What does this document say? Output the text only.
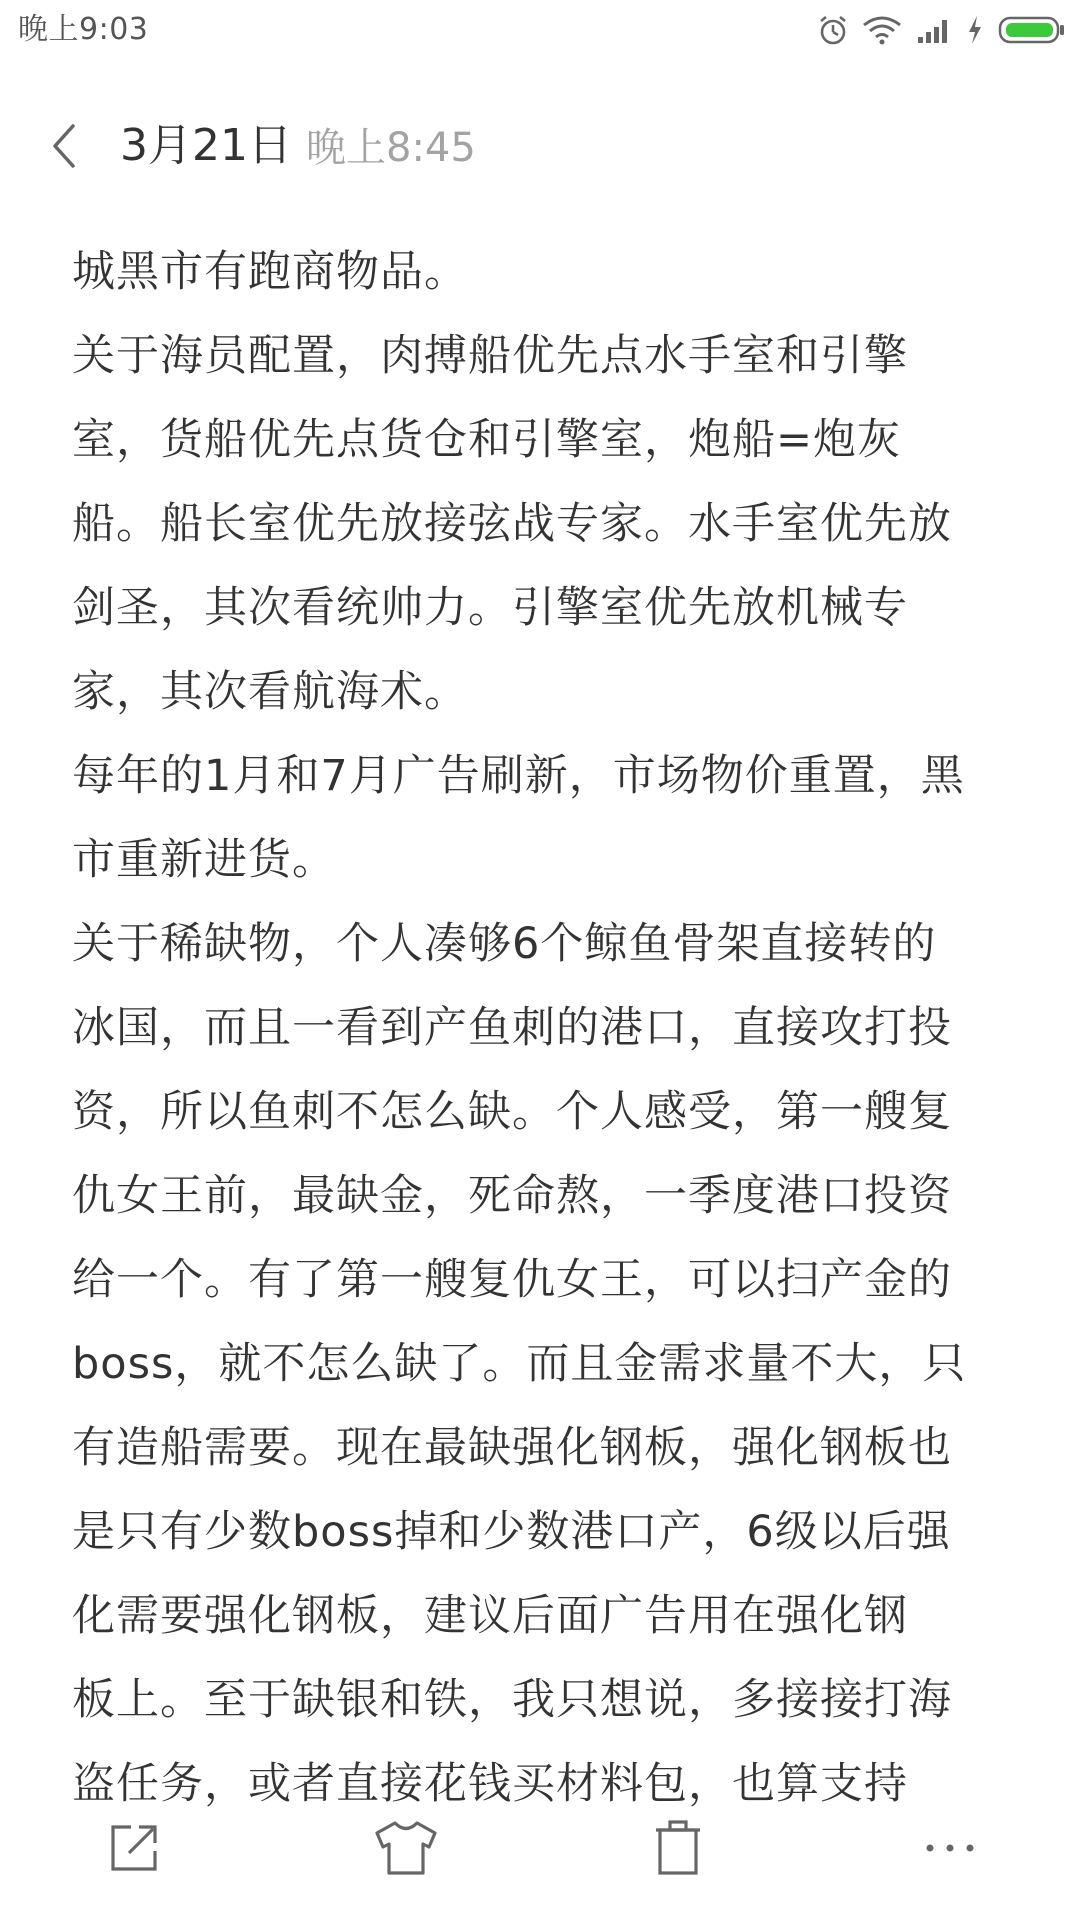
晚上9:03
3月21日 晚上8:45
城黑市有跑商物品。
关于海员配置，肉搏船优先点水手室和引擎
室，货船优先点货仓和引擎室，炮船=炮灰
船。船长室优先放接弦战专家。水手室优先放
剑圣，其次看统帅力。引擎室优先放机械专
家，其次看航海术。
每年的1月和7月广告刷新，市场物价重置，黑
市重新进货。
关于稀缺物，个人凑够6个鲸鱼骨架直接转的
冰国，而且一看到产鱼刺的港口，直接攻打投
资，所以鱼刺不怎么缺。个人感受，第一艘复
仇女王前，最缺金，死命熬，一季度港口投资
给一个。有了第一艘复仇女王，可以扫产金的
boss，就不怎么缺了。而且金需求量不大，只
有造船需要。现在最缺强化钢板，强化钢板也
是只有少数boss掉和少数港口产，6级以后强
化需要强化钢板，建议后面广告用在强化钢
板上。至于缺银和铁，我只想说，多接接打海
盗任务，或者直接花钱买材料包，也算支持
